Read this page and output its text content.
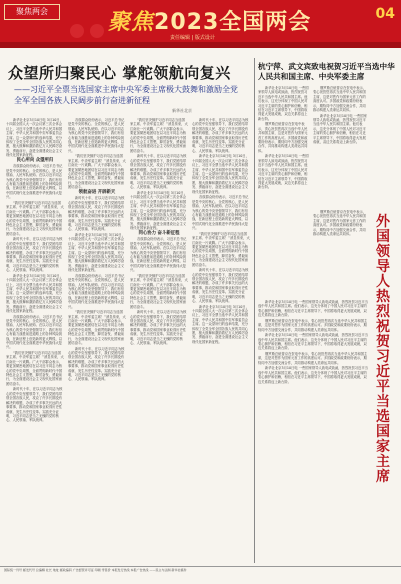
聚焦两会	聚焦2023全国两会
责任编辑 | 版式设计
04
众望所归聚民心 掌舵领航向复兴
——习近平全票当选国家主席中央军委主席极大鼓舞和激励全党
全军全国各族人民阔步前行奋进新征程
新华社北京
杭宁萍、武文宾致电祝贺习近平当选中华人民共和国主席、中央军委主席
外国领导人热烈祝贺习近平当选国家主席

新华社北京3月10日电 3月10日，十四届全国人大一次会议第三次全体会议上，习近平全票当选中华人民共和国主席、中华人民共和国中央军事委员会主席。这一众望所归的选举结果，充分体现了全党全军全国各族人民的共同心愿，极大鼓舞和激励着亿万人民踔厉奋发、勇毅前行，奋进全面建设社会主义现代化国家新征程。

民心所向 众望所归

各族群众纷纷表示，习近平总书记是党中央的核心、全党的核心，是人民领袖、人民军队统帅。在以习近平同志为核心的党中央坚强领导下，我们有信心有能力战胜前进道路上的各种风险挑战，在新征程上创造新的更大辉煌，以中国式现代化全面推进中华民族伟大复兴。

“我们坚决拥护习近平同志当选国家主席、中央军委主席！”消息传来，大江南北一片欢腾。广大干部群众表示，要更加紧密地团结在以习近平同志为核心的党中央周围，全面贯彻新时代中国特色社会主义思想，踔厉奋发、勇毅前行，为全面建设社会主义现代化国家而团结奋斗。

新时代十年，在以习近平同志为核心的党中央坚强领导下，我们党团结带领全国各族人民，攻克了许多长期没有解决的难题，办成了许多事关长远的大事要事，推动党和国家事业取得历史性成就、发生历史性变革。实践充分证明，习近平同志是当之无愧的党的核心、人民领袖、军队统帅。

新华社北京3月10日电 3月10日，十四届全国人大一次会议第三次全体会议上，习近平全票当选中华人民共和国主席、中华人民共和国中央军事委员会主席。这一众望所归的选举结果，充分体现了全党全军全国各族人民的共同心愿，极大鼓舞和激励着亿万人民踔厉奋发、勇毅前行，奋进全面建设社会主义现代化国家新征程。

各族群众纷纷表示，习近平总书记是党中央的核心、全党的核心，是人民领袖、人民军队统帅。在以习近平同志为核心的党中央坚强领导下，我们有信心有能力战胜前进道路上的各种风险挑战，在新征程上创造新的更大辉煌，以中国式现代化全面推进中华民族伟大复兴。

“我们坚决拥护习近平同志当选国家主席、中央军委主席！”消息传来，大江南北一片欢腾。广大干部群众表示，要更加紧密地团结在以习近平同志为核心的党中央周围，全面贯彻新时代中国特色社会主义思想，踔厉奋发、勇毅前行，为全面建设社会主义现代化国家而团结奋斗。

新时代十年，在以习近平同志为核心的党中央坚强领导下，我们党团结带领全国各族人民，攻克了许多长期没有解决的难题，办成了许多事关长远的大事要事，推动党和国家事业取得历史性成就、发生历史性变革。实践充分证明，习近平同志是当之无愧的党的核心、人民领袖、军队统帅。

各族群众纷纷表示，习近平总书记是党中央的核心、全党的核心，是人民领袖、人民军队统帅。在以习近平同志为核心的党中央坚强领导下，我们有信心有能力战胜前进道路上的各种风险挑战，在新征程上创造新的更大辉煌，以中国式现代化全面推进中华民族伟大复兴。

“我们坚决拥护习近平同志当选国家主席、中央军委主席！”消息传来，大江南北一片欢腾。广大干部群众表示，要更加紧密地团结在以习近平同志为核心的党中央周围，全面贯彻新时代中国特色社会主义思想，踔厉奋发、勇毅前行，为全面建设社会主义现代化国家而团结奋斗。

领航奋进 开辟新天

新时代十年，在以习近平同志为核心的党中央坚强领导下，我们党团结带领全国各族人民，攻克了许多长期没有解决的难题，办成了许多事关长远的大事要事，推动党和国家事业取得历史性成就、发生历史性变革。实践充分证明，习近平同志是当之无愧的党的核心、人民领袖、军队统帅。

新华社北京3月10日电 3月10日，十四届全国人大一次会议第三次全体会议上，习近平全票当选中华人民共和国主席、中华人民共和国中央军事委员会主席。这一众望所归的选举结果，充分体现了全党全军全国各族人民的共同心愿，极大鼓舞和激励着亿万人民踔厉奋发、勇毅前行，奋进全面建设社会主义现代化国家新征程。

各族群众纷纷表示，习近平总书记是党中央的核心、全党的核心，是人民领袖、人民军队统帅。在以习近平同志为核心的党中央坚强领导下，我们有信心有能力战胜前进道路上的各种风险挑战，在新征程上创造新的更大辉煌，以中国式现代化全面推进中华民族伟大复兴。

“我们坚决拥护习近平同志当选国家主席、中央军委主席！”消息传来，大江南北一片欢腾。广大干部群众表示，要更加紧密地团结在以习近平同志为核心的党中央周围，全面贯彻新时代中国特色社会主义思想，踔厉奋发、勇毅前行，为全面建设社会主义现代化国家而团结奋斗。

新时代十年，在以习近平同志为核心的党中央坚强领导下，我们党团结带领全国各族人民，攻克了许多长期没有解决的难题，办成了许多事关长远的大事要事，推动党和国家事业取得历史性成就、发生历史性变革。实践充分证明，习近平同志是当之无愧的党的核心、人民领袖、军队统帅。

“我们坚决拥护习近平同志当选国家主席、中央军委主席！”消息传来，大江南北一片欢腾。广大干部群众表示，要更加紧密地团结在以习近平同志为核心的党中央周围，全面贯彻新时代中国特色社会主义思想，踔厉奋发、勇毅前行，为全面建设社会主义现代化国家而团结奋斗。

新时代十年，在以习近平同志为核心的党中央坚强领导下，我们党团结带领全国各族人民，攻克了许多长期没有解决的难题，办成了许多事关长远的大事要事，推动党和国家事业取得历史性成就、发生历史性变革。实践充分证明，习近平同志是当之无愧的党的核心、人民领袖、军队统帅。

新华社北京3月10日电 3月10日，十四届全国人大一次会议第三次全体会议上，习近平全票当选中华人民共和国主席、中华人民共和国中央军事委员会主席。这一众望所归的选举结果，充分体现了全党全军全国各族人民的共同心愿，极大鼓舞和激励着亿万人民踔厉奋发、勇毅前行，奋进全面建设社会主义现代化国家新征程。

同心协力 奋斗新征程

各族群众纷纷表示，习近平总书记是党中央的核心、全党的核心，是人民领袖、人民军队统帅。在以习近平同志为核心的党中央坚强领导下，我们有信心有能力战胜前进道路上的各种风险挑战，在新征程上创造新的更大辉煌，以中国式现代化全面推进中华民族伟大复兴。

“我们坚决拥护习近平同志当选国家主席、中央军委主席！”消息传来，大江南北一片欢腾。广大干部群众表示，要更加紧密地团结在以习近平同志为核心的党中央周围，全面贯彻新时代中国特色社会主义思想，踔厉奋发、勇毅前行，为全面建设社会主义现代化国家而团结奋斗。

新时代十年，在以习近平同志为核心的党中央坚强领导下，我们党团结带领全国各族人民，攻克了许多长期没有解决的难题，办成了许多事关长远的大事要事，推动党和国家事业取得历史性成就、发生历史性变革。实践充分证明，习近平同志是当之无愧的党的核心、人民领袖、军队统帅。

新时代十年，在以习近平同志为核心的党中央坚强领导下，我们党团结带领全国各族人民，攻克了许多长期没有解决的难题，办成了许多事关长远的大事要事，推动党和国家事业取得历史性成就、发生历史性变革。实践充分证明，习近平同志是当之无愧的党的核心、人民领袖、军队统帅。

新华社北京3月10日电 3月10日，十四届全国人大一次会议第三次全体会议上，习近平全票当选中华人民共和国主席、中华人民共和国中央军事委员会主席。这一众望所归的选举结果，充分体现了全党全军全国各族人民的共同心愿，极大鼓舞和激励着亿万人民踔厉奋发、勇毅前行，奋进全面建设社会主义现代化国家新征程。

各族群众纷纷表示，习近平总书记是党中央的核心、全党的核心，是人民领袖、人民军队统帅。在以习近平同志为核心的党中央坚强领导下，我们有信心有能力战胜前进道路上的各种风险挑战，在新征程上创造新的更大辉煌，以中国式现代化全面推进中华民族伟大复兴。

“我们坚决拥护习近平同志当选国家主席、中央军委主席！”消息传来，大江南北一片欢腾。广大干部群众表示，要更加紧密地团结在以习近平同志为核心的党中央周围，全面贯彻新时代中国特色社会主义思想，踔厉奋发、勇毅前行，为全面建设社会主义现代化国家而团结奋斗。

新时代十年，在以习近平同志为核心的党中央坚强领导下，我们党团结带领全国各族人民，攻克了许多长期没有解决的难题，办成了许多事关长远的大事要事，推动党和国家事业取得历史性成就、发生历史性变革。实践充分证明，习近平同志是当之无愧的党的核心、人民领袖、军队统帅。

新华社北京3月10日电 3月10日，十四届全国人大一次会议第三次全体会议上，习近平全票当选中华人民共和国主席、中华人民共和国中央军事委员会主席。这一众望所归的选举结果，充分体现了全党全军全国各族人民的共同心愿，极大鼓舞和激励着亿万人民踔厉奋发、勇毅前行，奋进全面建设社会主义现代化国家新征程。

新华社北京3月10日电 一些国家领导人致电或致函，热烈祝贺习近平当选中华人民共和国主席。他们表示，这充分体现了中国人民对习近平主席的衷心拥护和信赖，相信在习近平主席领导下，中国将取得更大发展成就，双边关系将迈上新台阶。

俄罗斯总统普京在贺电中表示，衷心祝贺您再次当选中华人民共和国主席，这是对您作为国家元首工作的高度认可。多国政党和政要纷纷表示，期待同中方加强交流合作，共同推动构建人类命运共同体。

新华社北京3月10日电 一些国家领导人致电或致函，热烈祝贺习近平当选中华人民共和国主席。他们表示，这充分体现了中国人民对习近平主席的衷心拥护和信赖，相信在习近平主席领导下，中国将取得更大发展成就，双边关系将迈上新台阶。

俄罗斯总统普京在贺电中表示，衷心祝贺您再次当选中华人民共和国主席，这是对您作为国家元首工作的高度认可。多国政党和政要纷纷表示，期待同中方加强交流合作，共同推动构建人类命运共同体。

新华社北京3月10日电 一些国家领导人致电或致函，热烈祝贺习近平当选中华人民共和国主席。他们表示，这充分体现了中国人民对习近平主席的衷心拥护和信赖，相信在习近平主席领导下，中国将取得更大发展成就，双边关系将迈上新台阶。

新华社北京3月10日电 一些国家领导人致电或致函，热烈祝贺习近平当选中华人民共和国主席。他们表示，这充分体现了中国人民对习近平主席的衷心拥护和信赖，相信在习近平主席领导下，中国将取得更大发展成就，双边关系将迈上新台阶。

俄罗斯总统普京在贺电中表示，衷心祝贺您再次当选中华人民共和国主席，这是对您作为国家元首工作的高度认可。多国政党和政要纷纷表示，期待同中方加强交流合作，共同推动构建人类命运共同体。

新华社北京3月10日电 一些国家领导人致电或致函，热烈祝贺习近平当选中华人民共和国主席。他们表示，这充分体现了中国人民对习近平主席的衷心拥护和信赖，相信在习近平主席领导下，中国将取得更大发展成就，双边关系将迈上新台阶。

俄罗斯总统普京在贺电中表示，衷心祝贺您再次当选中华人民共和国主席，这是对您作为国家元首工作的高度认可。多国政党和政要纷纷表示，期待同中方加强交流合作，共同推动构建人类命运共同体。

新华社北京3月10日电 一些国家领导人致电或致函，热烈祝贺习近平当选中华人民共和国主席。他们表示，这充分体现了中国人民对习近平主席的衷心拥护和信赖，相信在习近平主席领导下，中国将取得更大发展成就，双边关系将迈上新台阶。

俄罗斯总统普京在贺电中表示，衷心祝贺您再次当选中华人民共和国主席，这是对您作为国家元首工作的高度认可。多国政党和政要纷纷表示，期待同中方加强交流合作，共同推动构建人类命运共同体。

国际统一刊号 邮发代号 总编辑 社长 地址 邮政编码 广告经营许可证 印刷 零售价 本报发行热线 本报广告热线 ——民主与法制·新华社稿件
